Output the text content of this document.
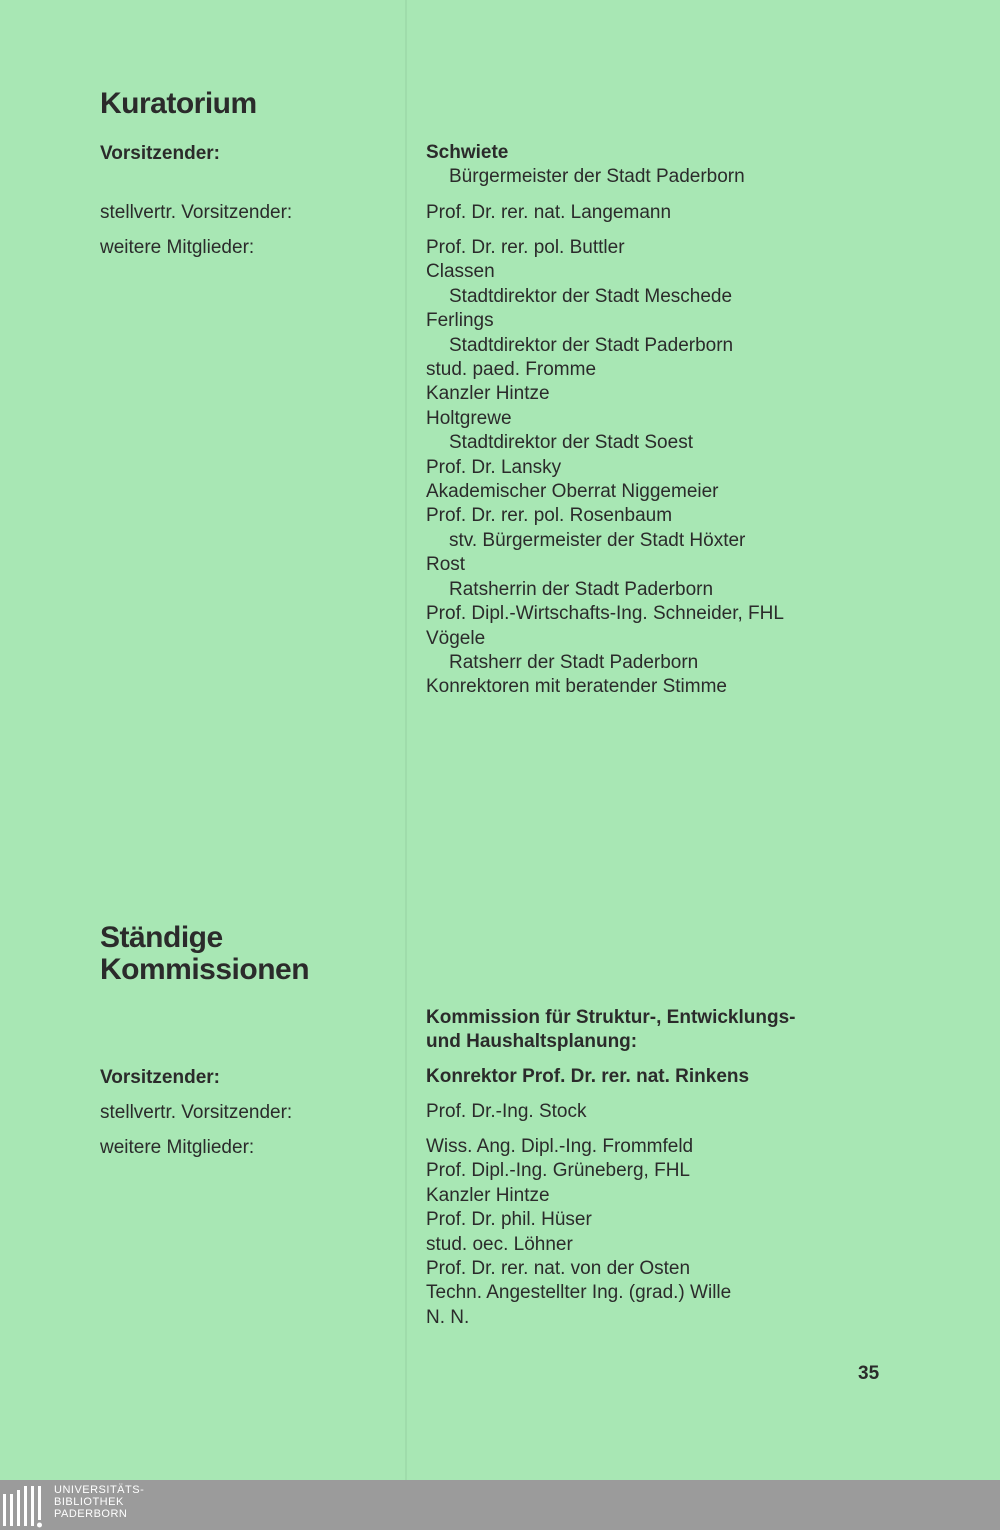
Kuratorium
Vorsitzender:
stellvertr. Vorsitzender:
weitere Mitglieder:
Schwiete
Bürgermeister der Stadt Paderborn
Prof. Dr. rer. nat. Langemann
Prof. Dr. rer. pol. Buttler
Classen
Stadtdirektor der Stadt Meschede
Ferlings
Stadtdirektor der Stadt Paderborn
stud. paed. Fromme
Kanzler Hintze
Holtgrewe
Stadtdirektor der Stadt Soest
Prof. Dr. Lansky
Akademischer Oberrat Niggemeier
Prof. Dr. rer. pol. Rosenbaum
stv. Bürgermeister der Stadt Höxter
Rost
Ratsherrin der Stadt Paderborn
Prof. Dipl.-Wirtschafts-Ing. Schneider, FHL
Vögele
Ratsherr der Stadt Paderborn
Konrektoren mit beratender Stimme
Ständige
Kommissionen
Kommission für Struktur-, Entwicklungs-
und Haushaltsplanung:
Vorsitzender:
stellvertr. Vorsitzender:
weitere Mitglieder:
Konrektor Prof. Dr. rer. nat. Rinkens
Prof. Dr.-Ing. Stock
Wiss. Ang. Dipl.-Ing. Frommfeld
Prof. Dipl.-Ing. Grüneberg, FHL
Kanzler Hintze
Prof. Dr. phil. Hüser
stud. oec. Löhner
Prof. Dr. rer. nat. von der Osten
Techn. Angestellter Ing. (grad.) Wille
N. N.
35
UNIVERSITÄTS-
BIBLIOTHEK
PADERBORN
